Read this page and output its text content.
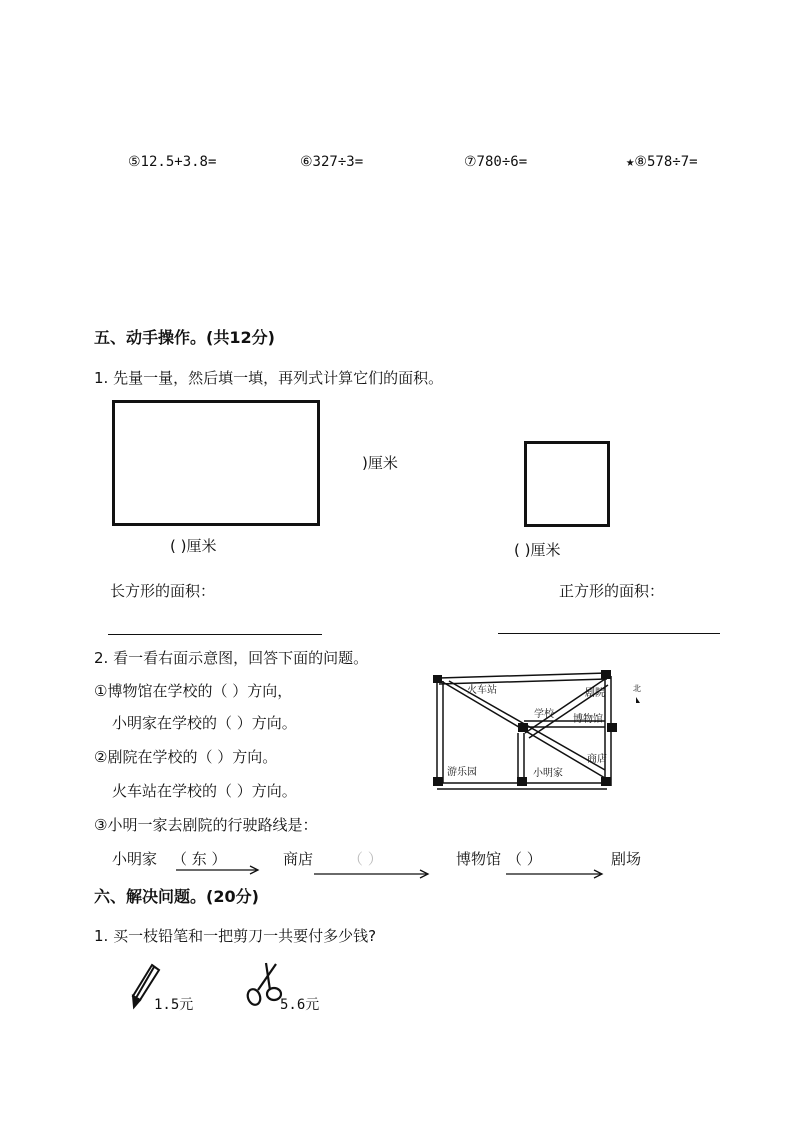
⑤12.5+3.8=	⑥327÷3=	⑦780÷6=	★⑧578÷7=
五、动手操作。(共12分)
1. 先量一量，然后填一填，再列式计算它们的面积。
)厘米
( )厘米	( )厘米
长方形的面积：	正方形的面积：
2. 看一看右面示意图，回答下面的问题。
①博物馆在学校的（ ）方向，
小明家在学校的（ ）方向。
②剧院在学校的（ ）方向。
火车站在学校的（ ）方向。
③小明一家去剧院的行驶路线是：
火车站	剧院
学校 博物馆
游乐园	小明家
商店
北
小明家 （ 东 ）	商店 （ ）	博物馆 （ ）	剧场
六、解决问题。(20分)
1. 买一枝铅笔和一把剪刀一共要付多少钱?
1.5元	5.6元
